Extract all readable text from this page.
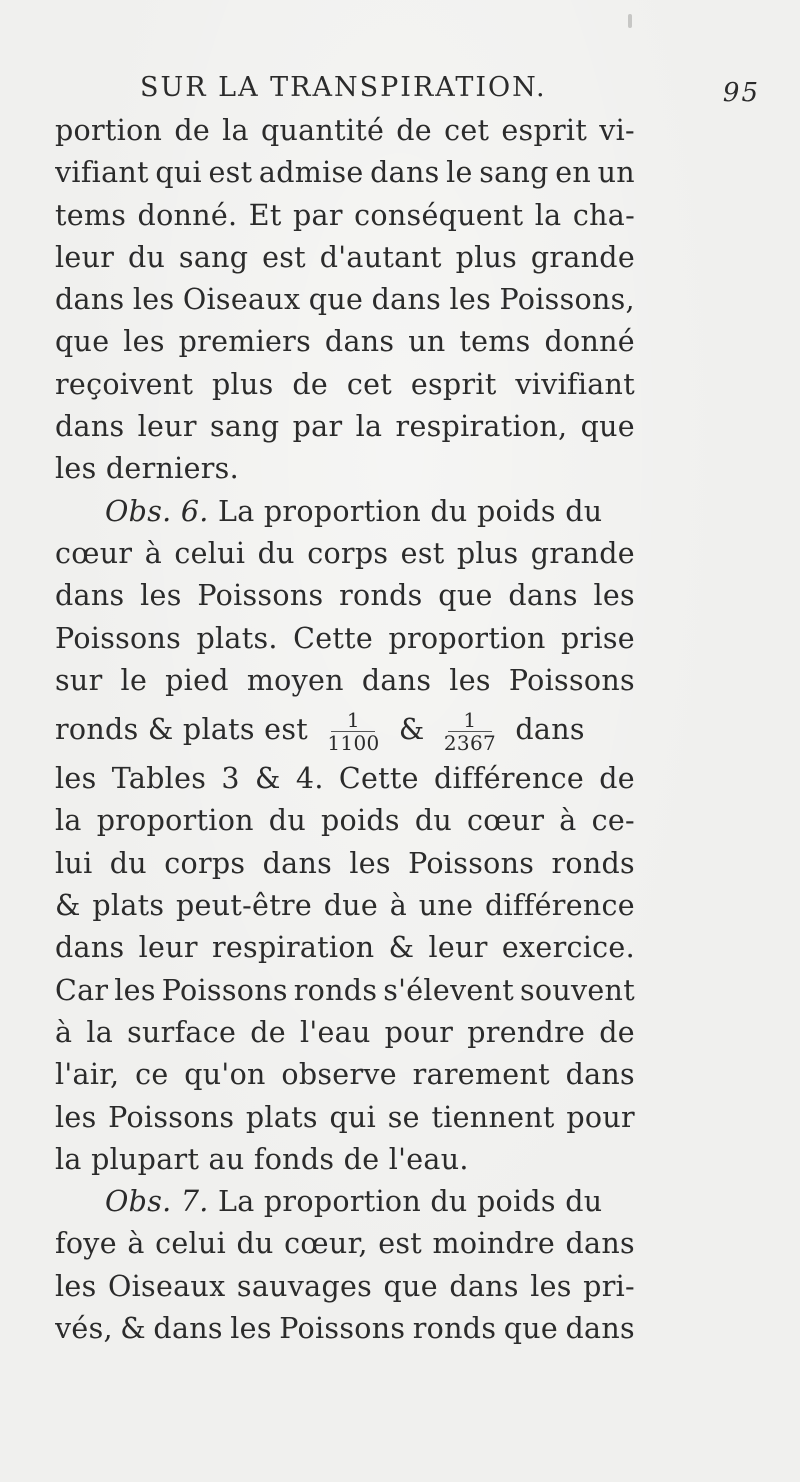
SUR LA TRANSPIRATION.	95
portion de la quantité de cet esprit vi-
vifiant qui est admise dans le sang en un
tems donné. Et par conséquent la cha-
leur du sang est d'autant plus grande
dans les Oiseaux que dans les Poissons,
que les premiers dans un tems donné
reçoivent plus de cet esprit vivifiant
dans leur sang par la respiration, que
les derniers.
Obs. 6. La proportion du poids du
cœur à celui du corps est plus grande
dans les Poissons ronds que dans les
Poissons plats. Cette proportion prise
sur le pied moyen dans les Poissons
ronds & plats est $\frac{1}{1100}$ & $\frac{1}{2367}$ dans
les Tables 3 & 4. Cette différence de
la proportion du poids du cœur à ce-
lui du corps dans les Poissons ronds
& plats peut-être due à une différence
dans leur respiration & leur exercice.
Car les Poissons ronds s'élevent souvent
à la surface de l'eau pour prendre de
l'air, ce qu'on observe rarement dans
les Poissons plats qui se tiennent pour
la plupart au fonds de l'eau.
Obs. 7. La proportion du poids du
foye à celui du cœur, est moindre dans
les Oiseaux sauvages que dans les pri-
vés, & dans les Poissons ronds que dans
